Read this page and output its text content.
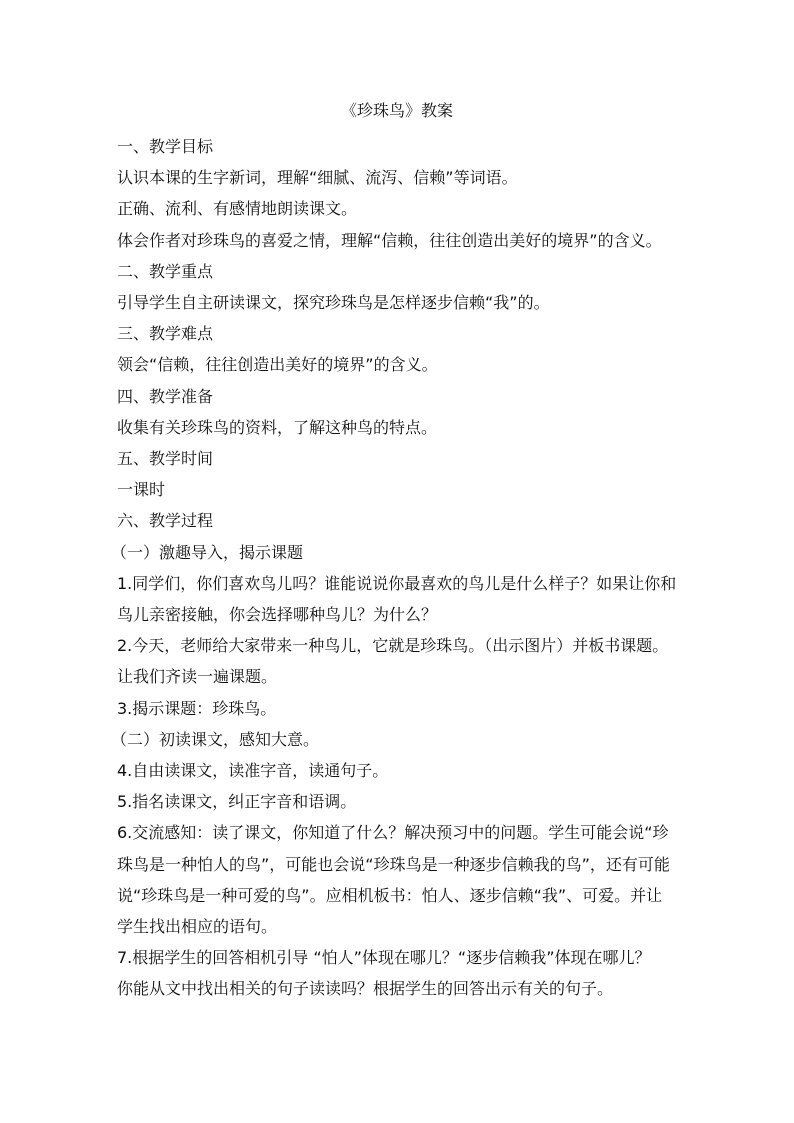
《珍珠鸟》教案

一、教学目标

认识本课的生字新词，理解“细腻、流泻、信赖”等词语。

正确、流利、有感情地朗读课文。

体会作者对珍珠鸟的喜爱之情，理解“信赖，往往创造出美好的境界”的含义。

二、教学重点

引导学生自主研读课文，探究珍珠鸟是怎样逐步信赖“我”的。

三、教学难点

领会“信赖，往往创造出美好的境界”的含义。

四、教学准备

收集有关珍珠鸟的资料，了解这种鸟的特点。

五、教学时间

一课时

六、教学过程

（一）激趣导入，揭示课题

1.同学们，你们喜欢鸟儿吗？谁能说说你最喜欢的鸟儿是什么样子？如果让你和

鸟儿亲密接触，你会选择哪种鸟儿？为什么？

2.今天，老师给大家带来一种鸟儿，它就是珍珠鸟。（出示图片）并板书课题。

让我们齐读一遍课题。

3.揭示课题：珍珠鸟。

（二）初读课文，感知大意。

4.自由读课文，读准字音，读通句子。

5.指名读课文，纠正字音和语调。

6.交流感知：读了课文，你知道了什么？解决预习中的问题。学生可能会说“珍

珠鸟是一种怕人的鸟”，可能也会说“珍珠鸟是一种逐步信赖我的鸟”，还有可能

说“珍珠鸟是一种可爱的鸟”。应相机板书：怕人、逐步信赖“我”、可爱。并让

学生找出相应的语句。

7.根据学生的回答相机引导 “怕人”体现在哪儿？“逐步信赖我”体现在哪儿？

你能从文中找出相关的句子读读吗？根据学生的回答出示有关的句子。
